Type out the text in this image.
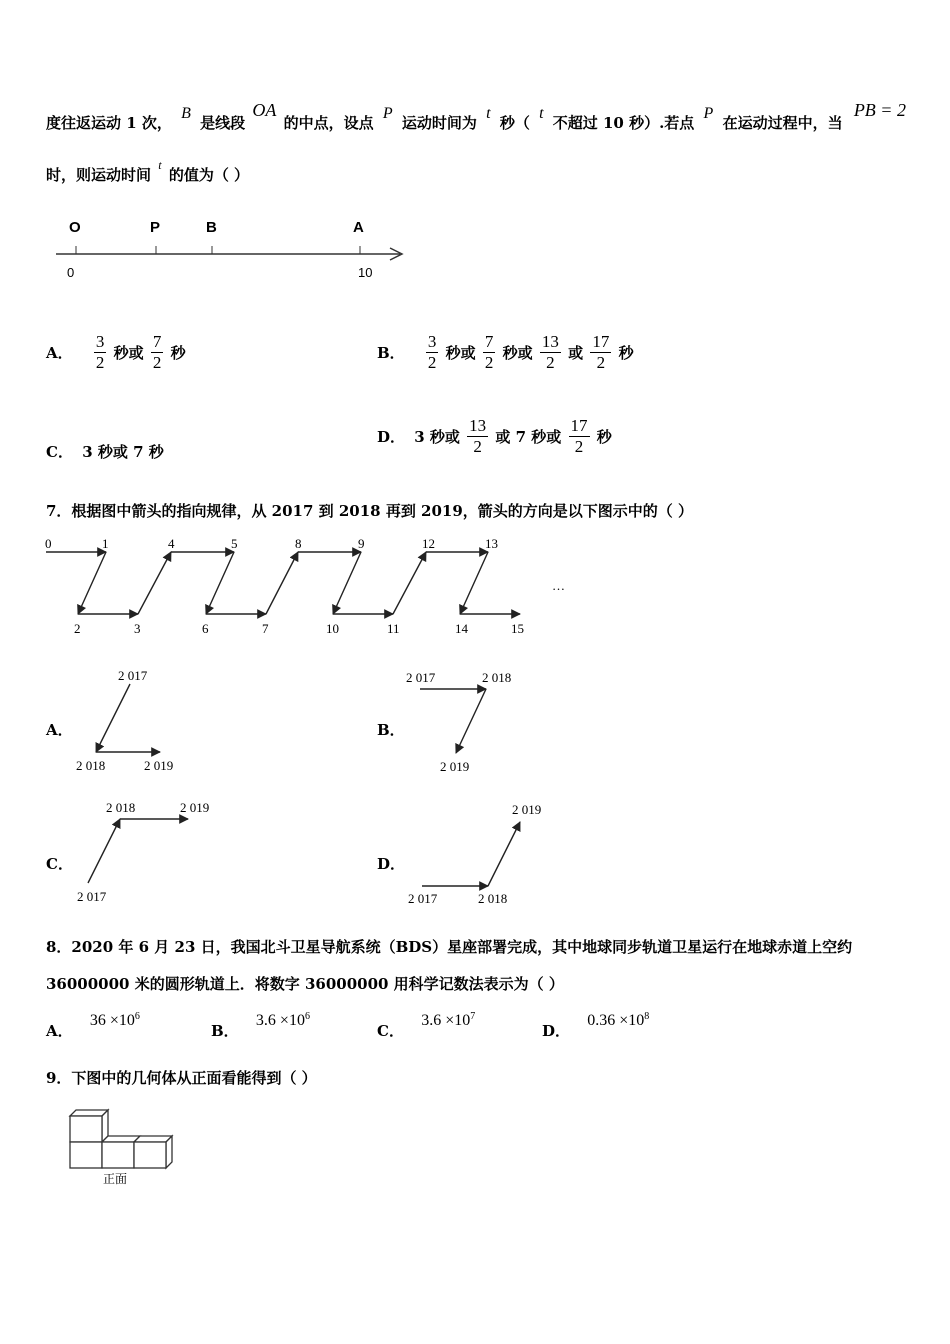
度往返运动 1 次， B 是线段 OA 的中点，设点 P 运动时间为 t 秒（ t 不超过 10 秒）.若点 P 在运动过程中，当 PB = 2
时，则运动时间 t 的值为（ ）
O	P	B	A
0	10
A． $\frac{3}{2}$ 秒或 $\frac{7}{2}$ 秒	B． $\frac{3}{2}$ 秒或 $\frac{7}{2}$ 秒或 $\frac{13}{2}$ 或 $\frac{17}{2}$ 秒
C． 3 秒或 7 秒
D． 3 秒或 $\frac{13}{2}$ 或 7 秒或 $\frac{17}{2}$ 秒
7．根据图中箭头的指向规律，从 2017 到 2018 再到 2019，箭头的方向是以下图示中的（ ）
0	1	4	5	8	9	12	13
2	3	6	7	10	11	14	15
…
A．
2 017
2 018	2 019
B．
2 017	2 018
2 019
C．
2 018	2 019
2 017
D．
2 019
2 017	2 018
8．2020 年 6 月 23 日，我国北斗卫星导航系统（BDS）星座部署完成，其中地球同步轨道卫星运行在地球赤道上空约
36000000 米的圆形轨道上．将数字 36000000 用科学记数法表示为（ ）
A． $36 \times 10^6$
B． $3.6 \times 10^6$
C． $3.6 \times 10^7$
D． $0.36 \times 10^8$
9．下图中的几何体从正面看能得到（ ）
正面
